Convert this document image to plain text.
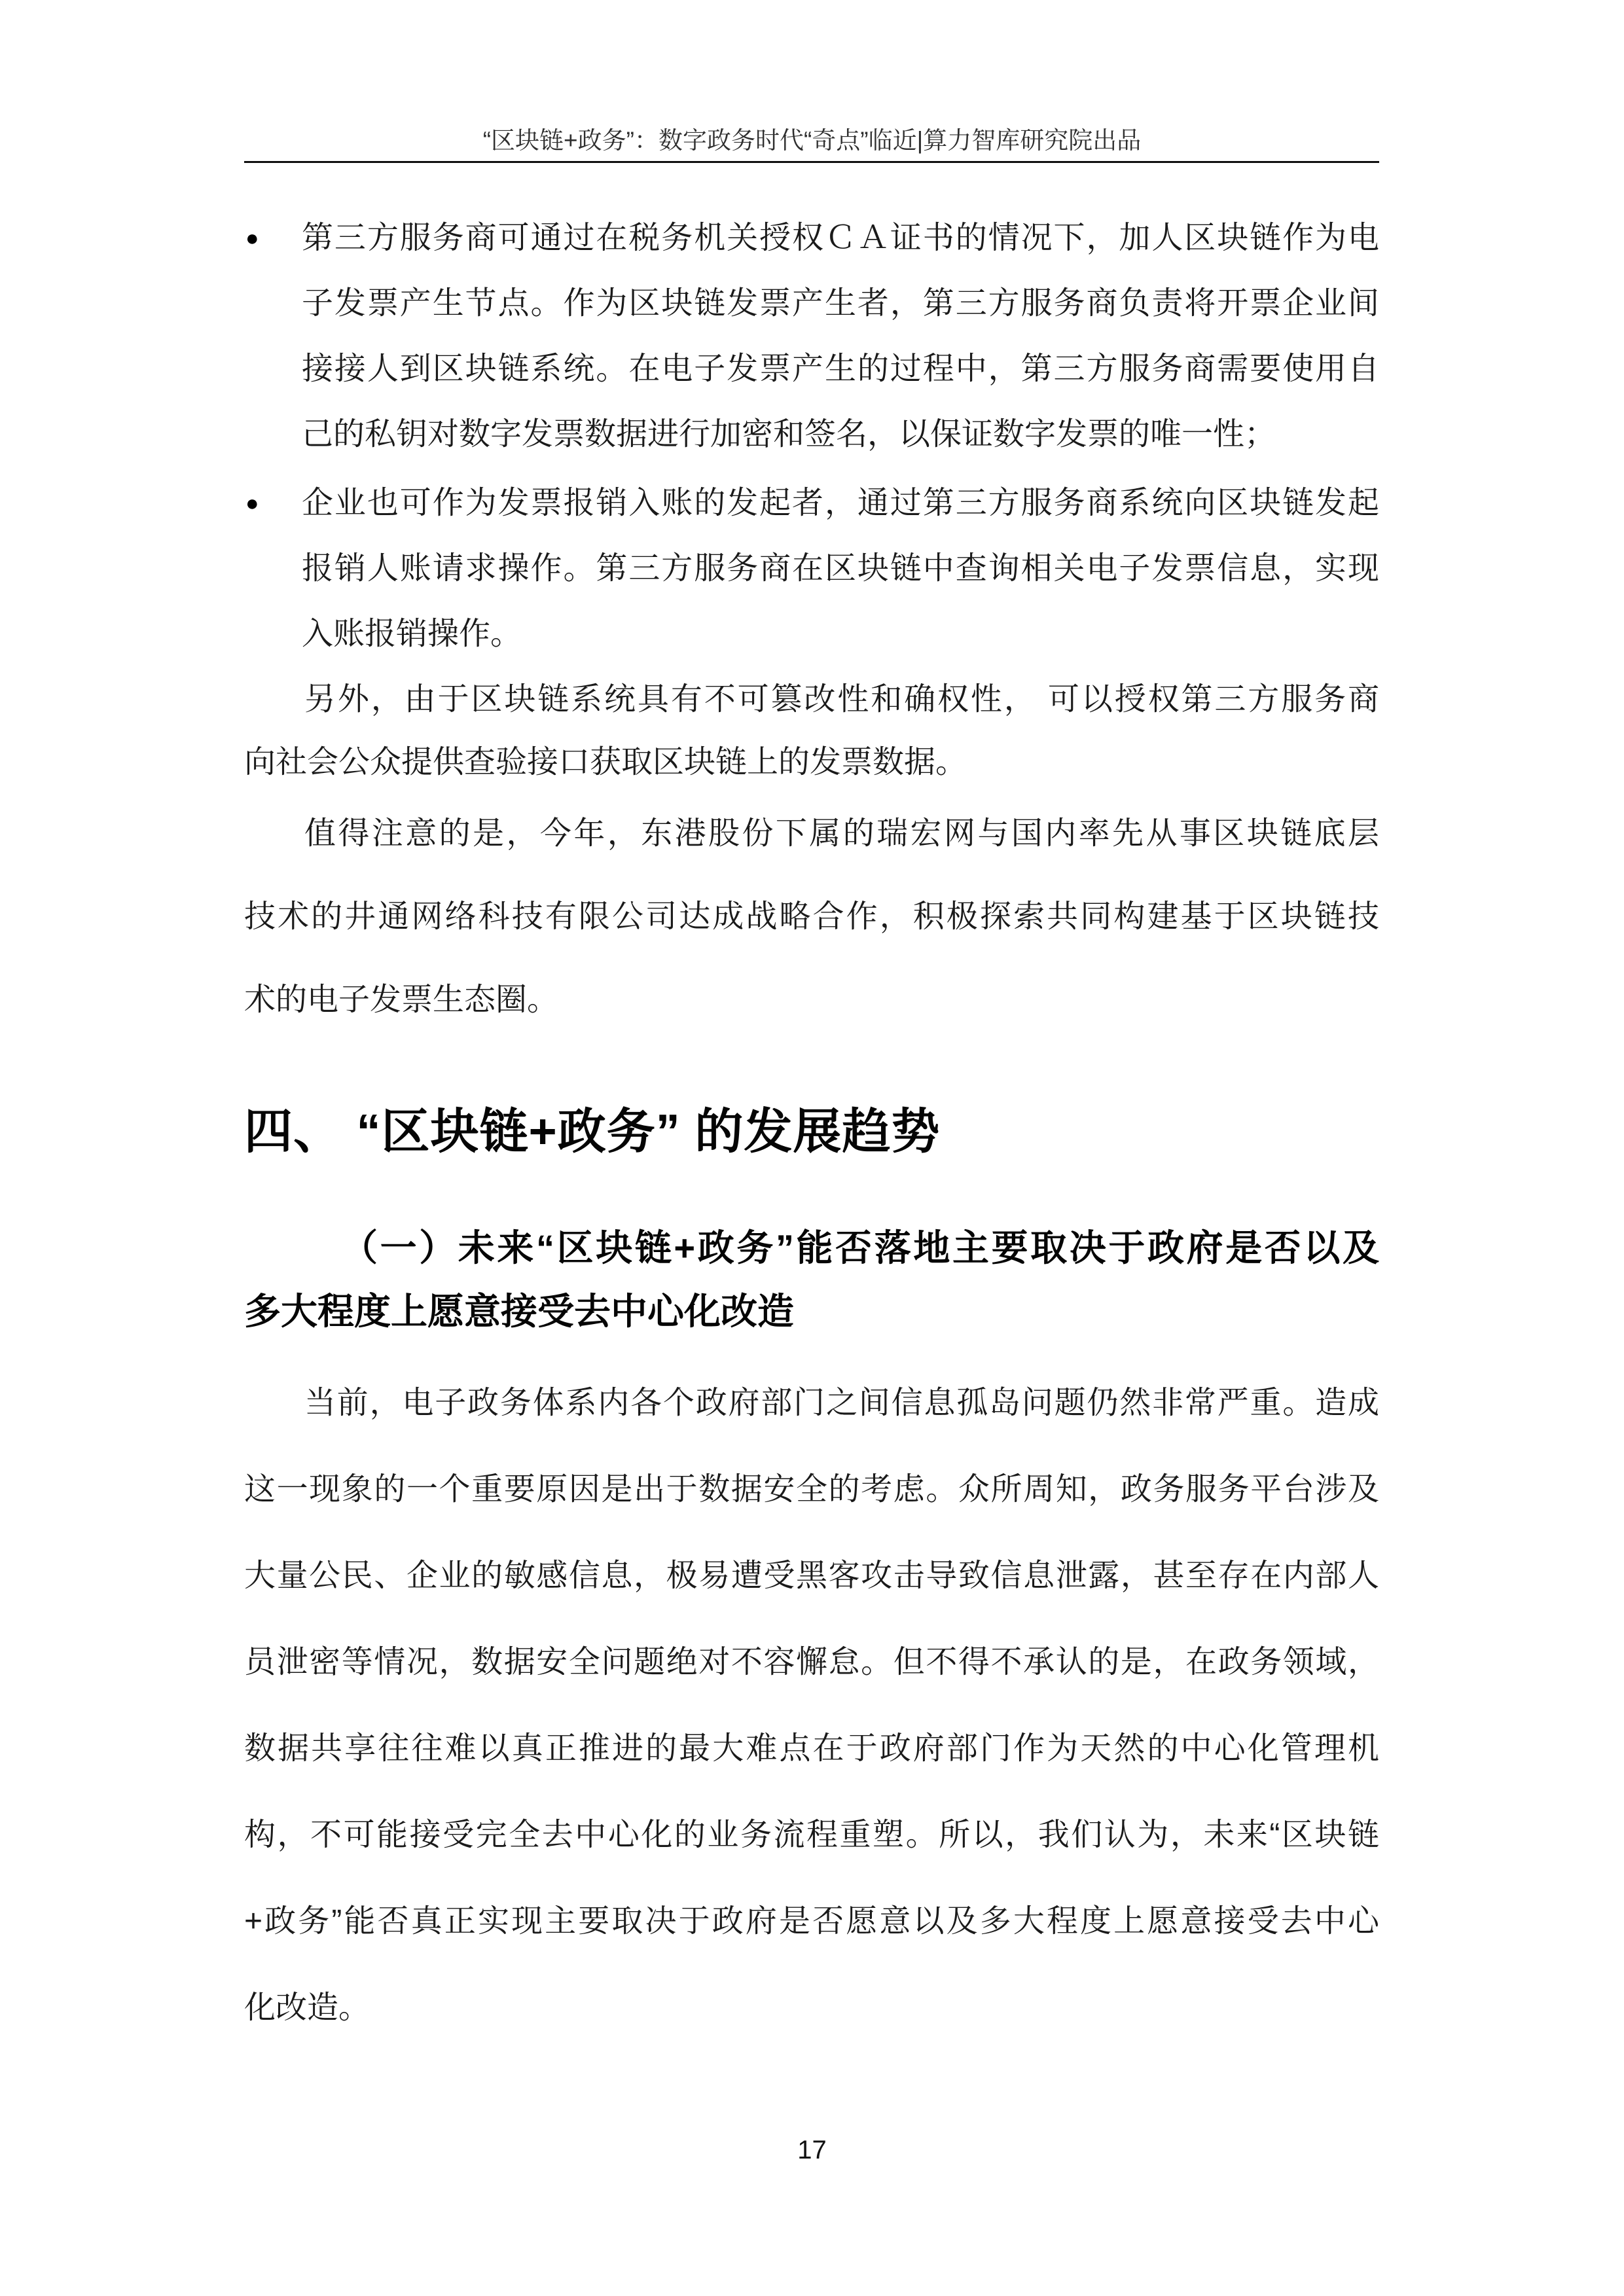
“区块链+政务”：数字政务时代“奇点”临近|算力智库研究院出品
●	第三方服务商可通过在税务机关授权ＣＡ证书的情况下，加人区块链作为电
子发票产生节点。作为区块链发票产生者，第三方服务商负责将开票企业间
接接人到区块链系统。在电子发票产生的过程中，第三方服务商需要使用自
己的私钥对数字发票数据进行加密和签名，以保证数字发票的唯一性；
●	企业也可作为发票报销入账的发起者，通过第三方服务商系统向区块链发起
报销人账请求操作。第三方服务商在区块链中查询相关电子发票信息，实现
入账报销操作。
另外，由于区块链系统具有不可篡改性和确权性， 可以授权第三方服务商
向社会公众提供查验接口获取区块链上的发票数据。
值得注意的是，今年，东港股份下属的瑞宏网与国内率先从事区块链底层
技术的井通网络科技有限公司达成战略合作，积极探索共同构建基于区块链技
术的电子发票生态圈。
四、 “区块链+政务” 的发展趋势
（一）未来“区块链+政务”能否落地主要取决于政府是否以及
多大程度上愿意接受去中心化改造
当前，电子政务体系内各个政府部门之间信息孤岛问题仍然非常严重。造成
这一现象的一个重要原因是出于数据安全的考虑。众所周知，政务服务平台涉及
大量公民、企业的敏感信息，极易遭受黑客攻击导致信息泄露，甚至存在内部人
员泄密等情况，数据安全问题绝对不容懈怠。但不得不承认的是，在政务领域，
数据共享往往难以真正推进的最大难点在于政府部门作为天然的中心化管理机
构，不可能接受完全去中心化的业务流程重塑。所以，我们认为，未来“区块链
+政务”能否真正实现主要取决于政府是否愿意以及多大程度上愿意接受去中心
化改造。
17
